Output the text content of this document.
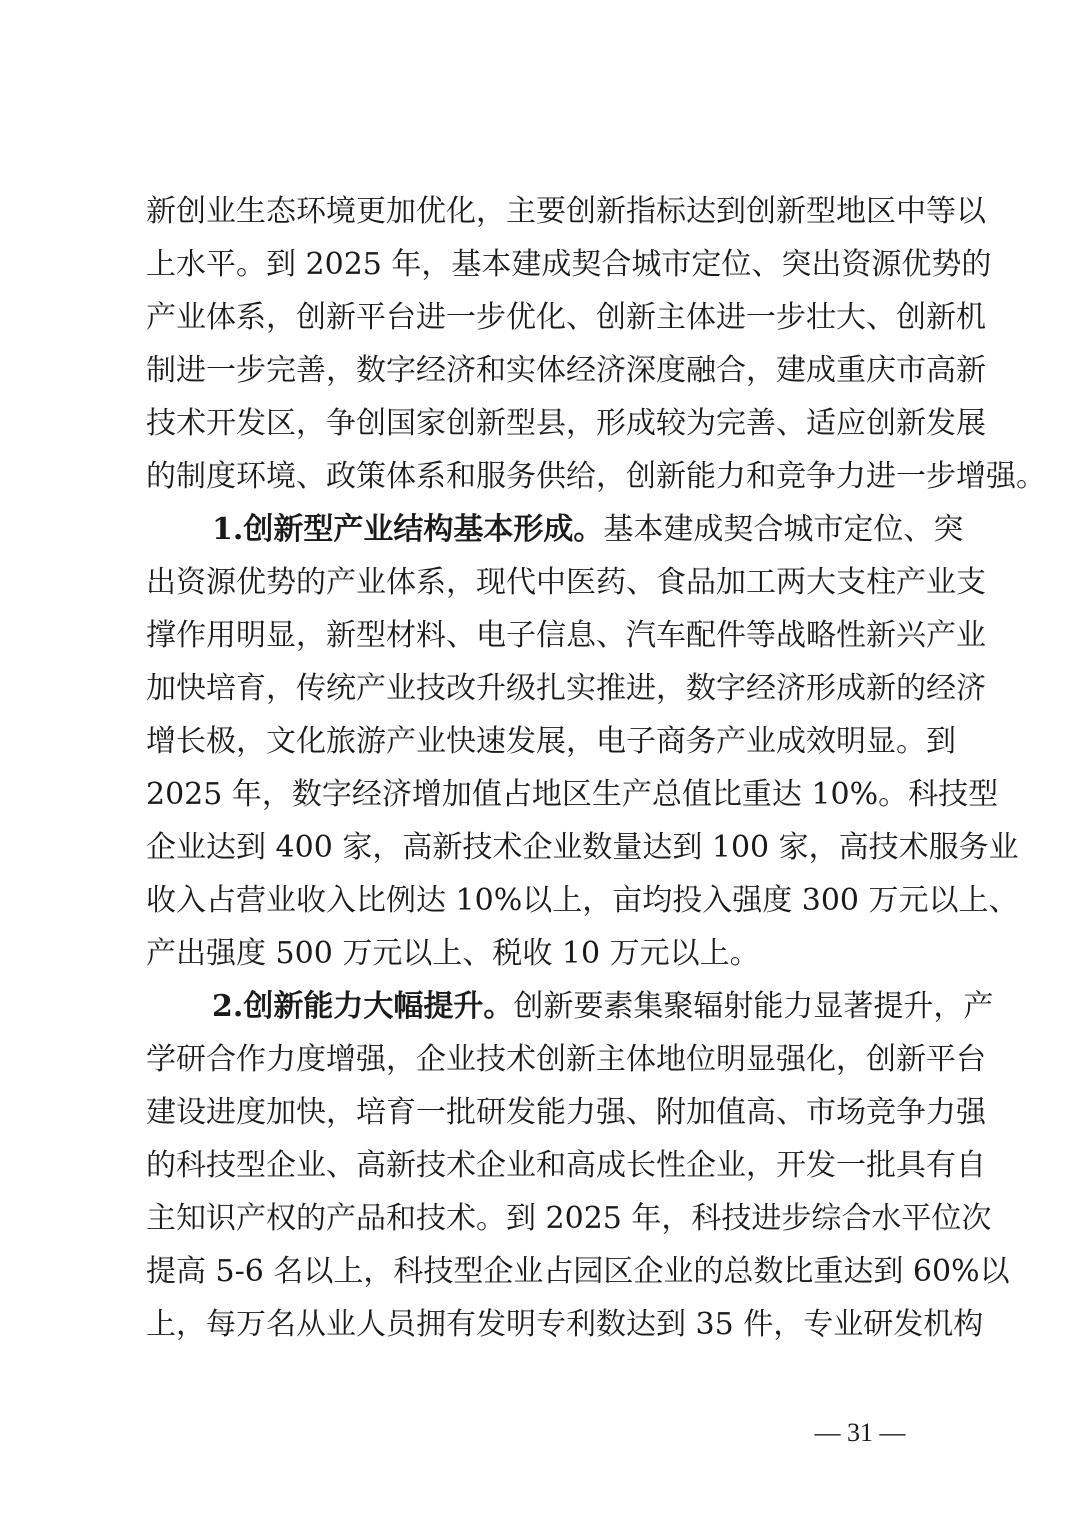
新创业生态环境更加优化，主要创新指标达到创新型地区中等以
上水平。到 2025 年，基本建成契合城市定位、突出资源优势的
产业体系，创新平台进一步优化、创新主体进一步壮大、创新机
制进一步完善，数字经济和实体经济深度融合，建成重庆市高新
技术开发区，争创国家创新型县，形成较为完善、适应创新发展
的制度环境、政策体系和服务供给，创新能力和竞争力进一步增强。
1.创新型产业结构基本形成。基本建成契合城市定位、突
出资源优势的产业体系，现代中医药、食品加工两大支柱产业支
撑作用明显，新型材料、电子信息、汽车配件等战略性新兴产业
加快培育，传统产业技改升级扎实推进，数字经济形成新的经济
增长极，文化旅游产业快速发展，电子商务产业成效明显。到
2025 年，数字经济增加值占地区生产总值比重达 10%。科技型
企业达到 400 家，高新技术企业数量达到 100 家，高技术服务业
收入占营业收入比例达 10%以上，亩均投入强度 300 万元以上、
产出强度 500 万元以上、税收 10 万元以上。
2.创新能力大幅提升。创新要素集聚辐射能力显著提升，产
学研合作力度增强，企业技术创新主体地位明显强化，创新平台
建设进度加快，培育一批研发能力强、附加值高、市场竞争力强
的科技型企业、高新技术企业和高成长性企业，开发一批具有自
主知识产权的产品和技术。到 2025 年，科技进步综合水平位次
提高 5-6 名以上，科技型企业占园区企业的总数比重达到 60%以
上，每万名从业人员拥有发明专利数达到 35 件，专业研发机构
— 31 —
